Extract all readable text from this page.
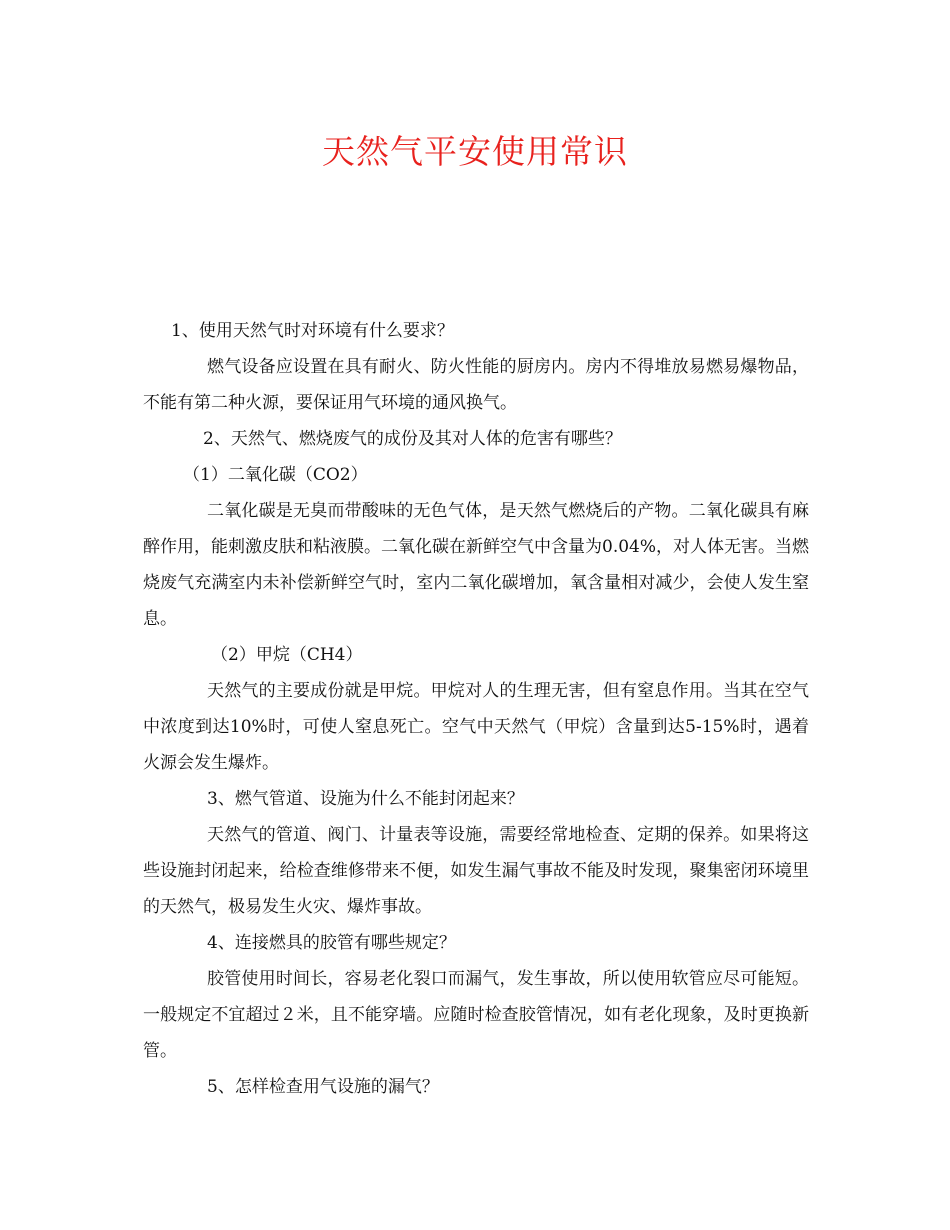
天然气平安使用常识

1、使用天然气时对环境有什么要求？

燃气设备应设置在具有耐火、防火性能的厨房内。房内不得堆放易燃易爆物品，不能有第二种火源，要保证用气环境的通风换气。

2、天然气、燃烧废气的成份及其对人体的危害有哪些？

（1）二氧化碳（CO2）

二氧化碳是无臭而带酸味的无色气体，是天然气燃烧后的产物。二氧化碳具有麻醉作用，能刺激皮肤和粘液膜。二氧化碳在新鲜空气中含量为0.04%，对人体无害。当燃烧废气充满室内未补偿新鲜空气时，室内二氧化碳增加，氧含量相对减少，会使人发生窒息。

（2）甲烷（CH4）

天然气的主要成份就是甲烷。甲烷对人的生理无害，但有窒息作用。当其在空气中浓度到达10%时，可使人窒息死亡。空气中天然气（甲烷）含量到达5-15%时，遇着火源会发生爆炸。

3、燃气管道、设施为什么不能封闭起来？

天然气的管道、阀门、计量表等设施，需要经常地检查、定期的保养。如果将这些设施封闭起来，给检查维修带来不便，如发生漏气事故不能及时发现，聚集密闭环境里的天然气，极易发生火灾、爆炸事故。

4、连接燃具的胶管有哪些规定？

胶管使用时间长，容易老化裂口而漏气，发生事故，所以使用软管应尽可能短。一般规定不宜超过２米，且不能穿墙。应随时检查胶管情况，如有老化现象，及时更换新管。

5、怎样检查用气设施的漏气？
